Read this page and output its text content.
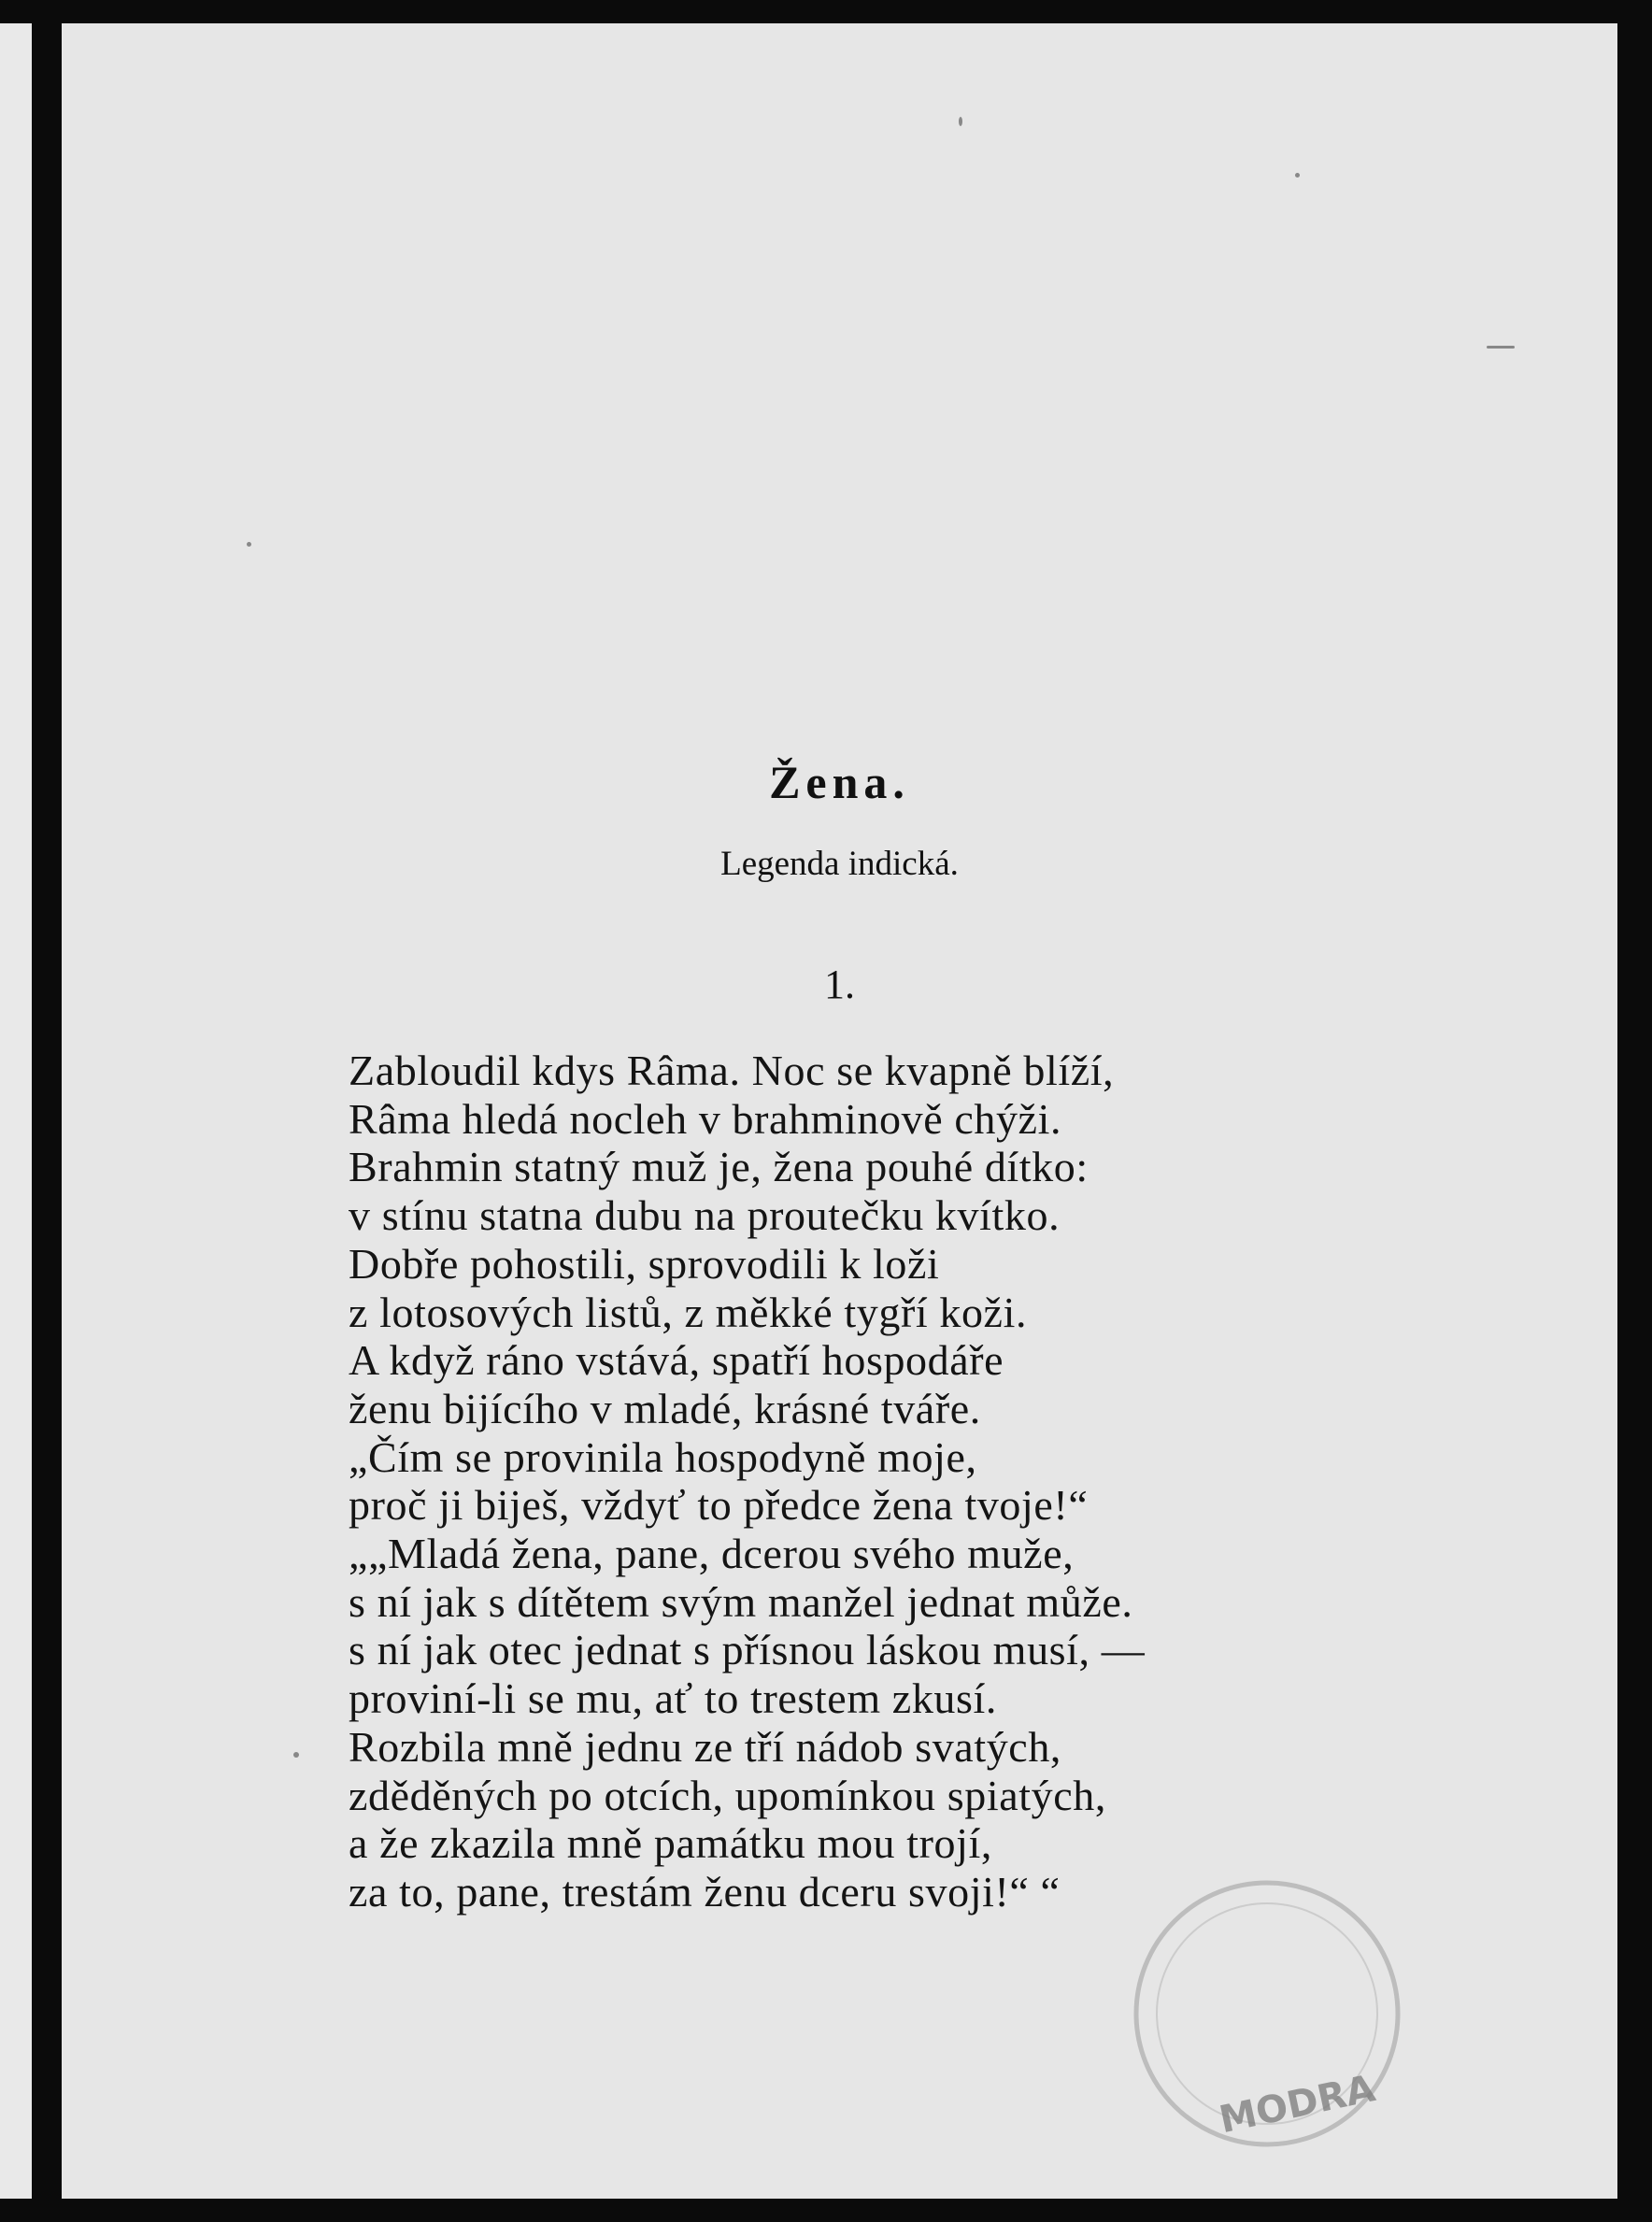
Žena.
Legenda indická.
1.
Zabloudil kdys Râma. Noc se kvapně blíží,
Râma hledá nocleh v brahminově chýži.
Brahmin statný muž je, žena pouhé dítko:
v stínu statna dubu na proutečku kvítko.
Dobře pohostili, sprovodili k loži
z lotosových listů, z měkké tygří koži.
A když ráno vstává, spatří hospodáře
ženu bijícího v mladé, krásné tváře.
„Čím se provinila hospodyně moje,
proč ji biješ, vždyť to předce žena tvoje!“
„„Mladá žena, pane, dcerou svého muže,
s ní jak s dítětem svým manžel jednat může.
s ní jak otec jednat s přísnou láskou musí, —
proviní-li se mu, ať to trestem zkusí.
Rozbila mně jednu ze tří nádob svatých,
zděděných po otcích, upomínkou spiatých,
a že zkazila mně památku mou trojí,
za to, pane, trestám ženu dceru svoji!“ “
MODRA
